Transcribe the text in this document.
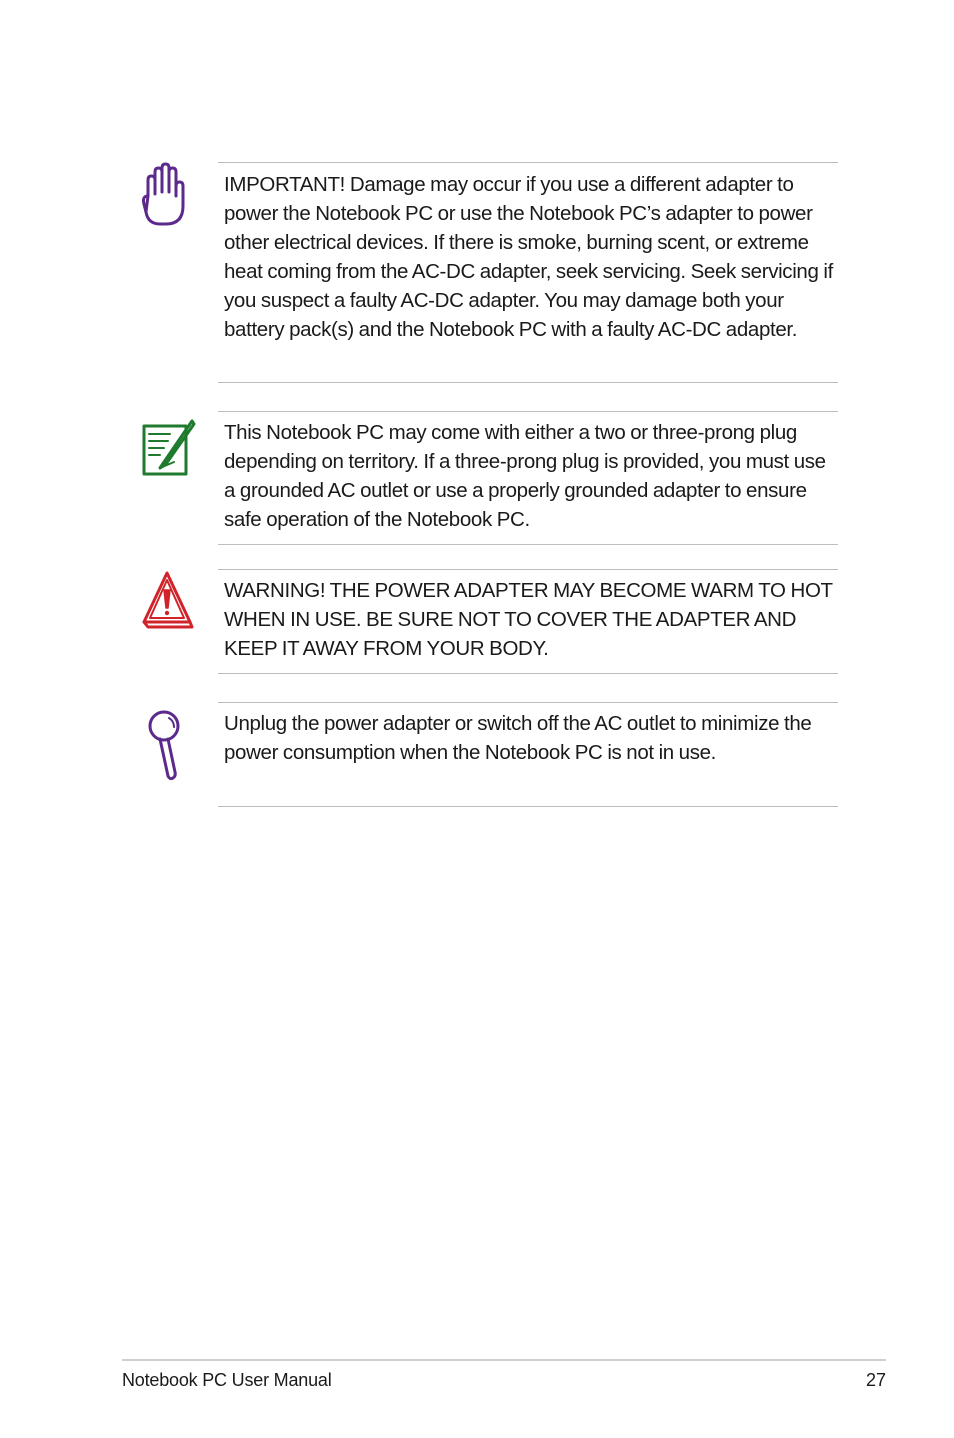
IMPORTANT! Damage may occur if you use a different adapter to power the Notebook PC or use the Notebook PC’s adapter to power other electrical devices. If there is smoke, burning scent, or extreme heat coming from the AC-DC adapter, seek servicing. Seek servicing if you suspect a faulty AC-DC adapter. You may damage both your battery pack(s) and the Notebook PC with a faulty AC-DC adapter.

This Notebook PC may come with either a two or three-prong plug depending on territory. If a three-prong plug is provided, you must use a grounded AC outlet or use a properly grounded adapter to ensure safe operation of the Notebook PC.

WARNING! THE POWER ADAPTER MAY BECOME WARM TO HOT WHEN IN USE. BE SURE NOT TO COVER THE ADAPTER AND KEEP IT AWAY FROM YOUR BODY.

Unplug the power adapter or switch off the AC outlet to minimize the power consumption when the Notebook PC is not in use.

Notebook PC User Manual	27
